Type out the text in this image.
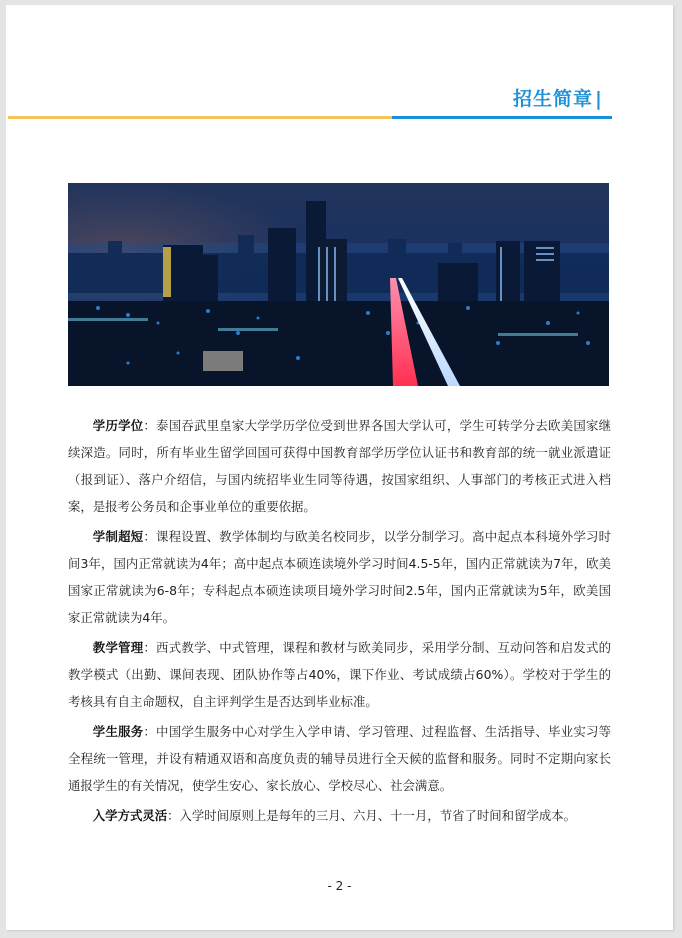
招生简章 |

学历学位：泰国吞武里皇家大学学历学位受到世界各国大学认可，学生可转学分去欧美国家继续深造。同时，所有毕业生留学回国可获得中国教育部学历学位认证书和教育部的统一就业派遣证（报到证）、落户介绍信，与国内统招毕业生同等待遇，按国家组织、人事部门的考核正式进入档案，是报考公务员和企事业单位的重要依据。

学制超短：课程设置、教学体制均与欧美名校同步，以学分制学习。高中起点本科境外学习时间3年，国内正常就读为4年；高中起点本硕连读境外学习时间4.5-5年，国内正常就读为7年，欧美国家正常就读为6-8年；专科起点本硕连读项目境外学习时间2.5年，国内正常就读为5年，欧美国家正常就读为4年。

教学管理：西式教学、中式管理，课程和教材与欧美同步，采用学分制、互动问答和启发式的教学模式（出勤、课间表现、团队协作等占40%，课下作业、考试成绩占60%）。学校对于学生的考核具有自主命题权，自主评判学生是否达到毕业标准。

学生服务：中国学生服务中心对学生入学申请、学习管理、过程监督、生活指导、毕业实习等全程统一管理，并设有精通双语和高度负责的辅导员进行全天候的监督和服务。同时不定期向家长通报学生的有关情况，使学生安心、家长放心、学校尽心、社会满意。

入学方式灵活：入学时间原则上是每年的三月、六月、十一月，节省了时间和留学成本。

- 2 -
